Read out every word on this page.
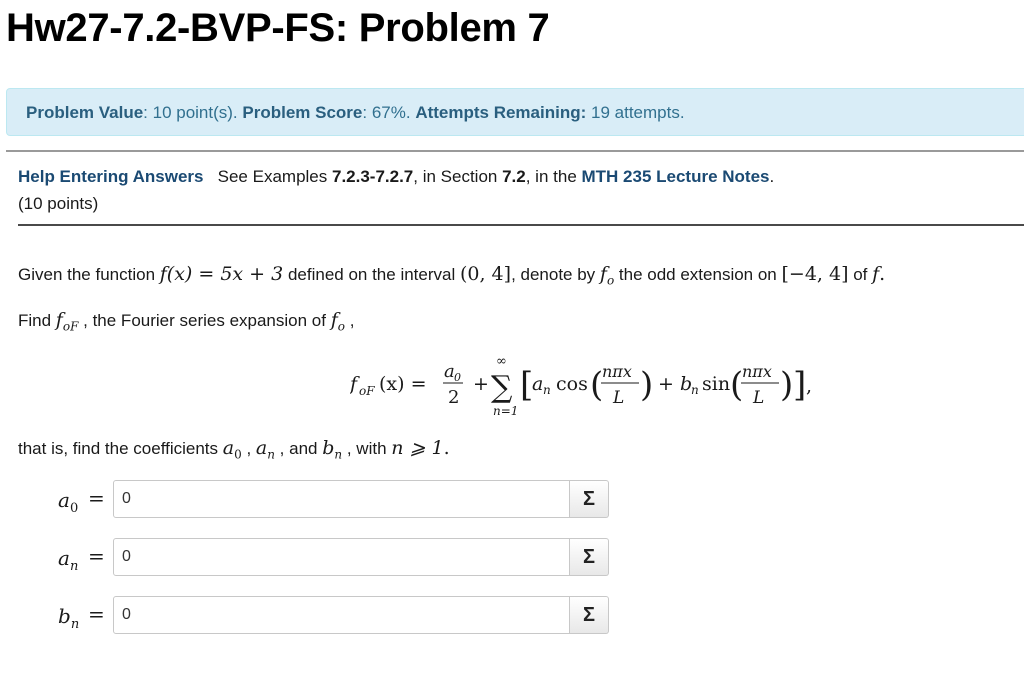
Hw27-7.2-BVP-FS: Problem 7
Problem Value: 10 point(s). Problem Score: 67%. Attempts Remaining: 19 attempts.
Help Entering Answers See Examples 7.2.3-7.2.7, in Section 7.2, in the MTH 235 Lecture Notes.
(10 points)
Given the function f(x) = 5x + 3 defined on the interval (0, 4], denote by $f_o$ the odd extension on [−4, 4] of f.
Find $f_{oF}$ , the Fourier series expansion of $f_o$ ,
f oF (x) =
a 0
2
+
∞
∑
n=1
[
a n cos (
nπx
L ) + b
n sin (
nπx
L ) ] ,
that is, find the coefficients $a_0$ , $a_n$ , and $b_n$ , with n ⩾ 1.
$a_0$ =
0	Σ
$a_n$ =
0	Σ
$b_n$ =
0	Σ
